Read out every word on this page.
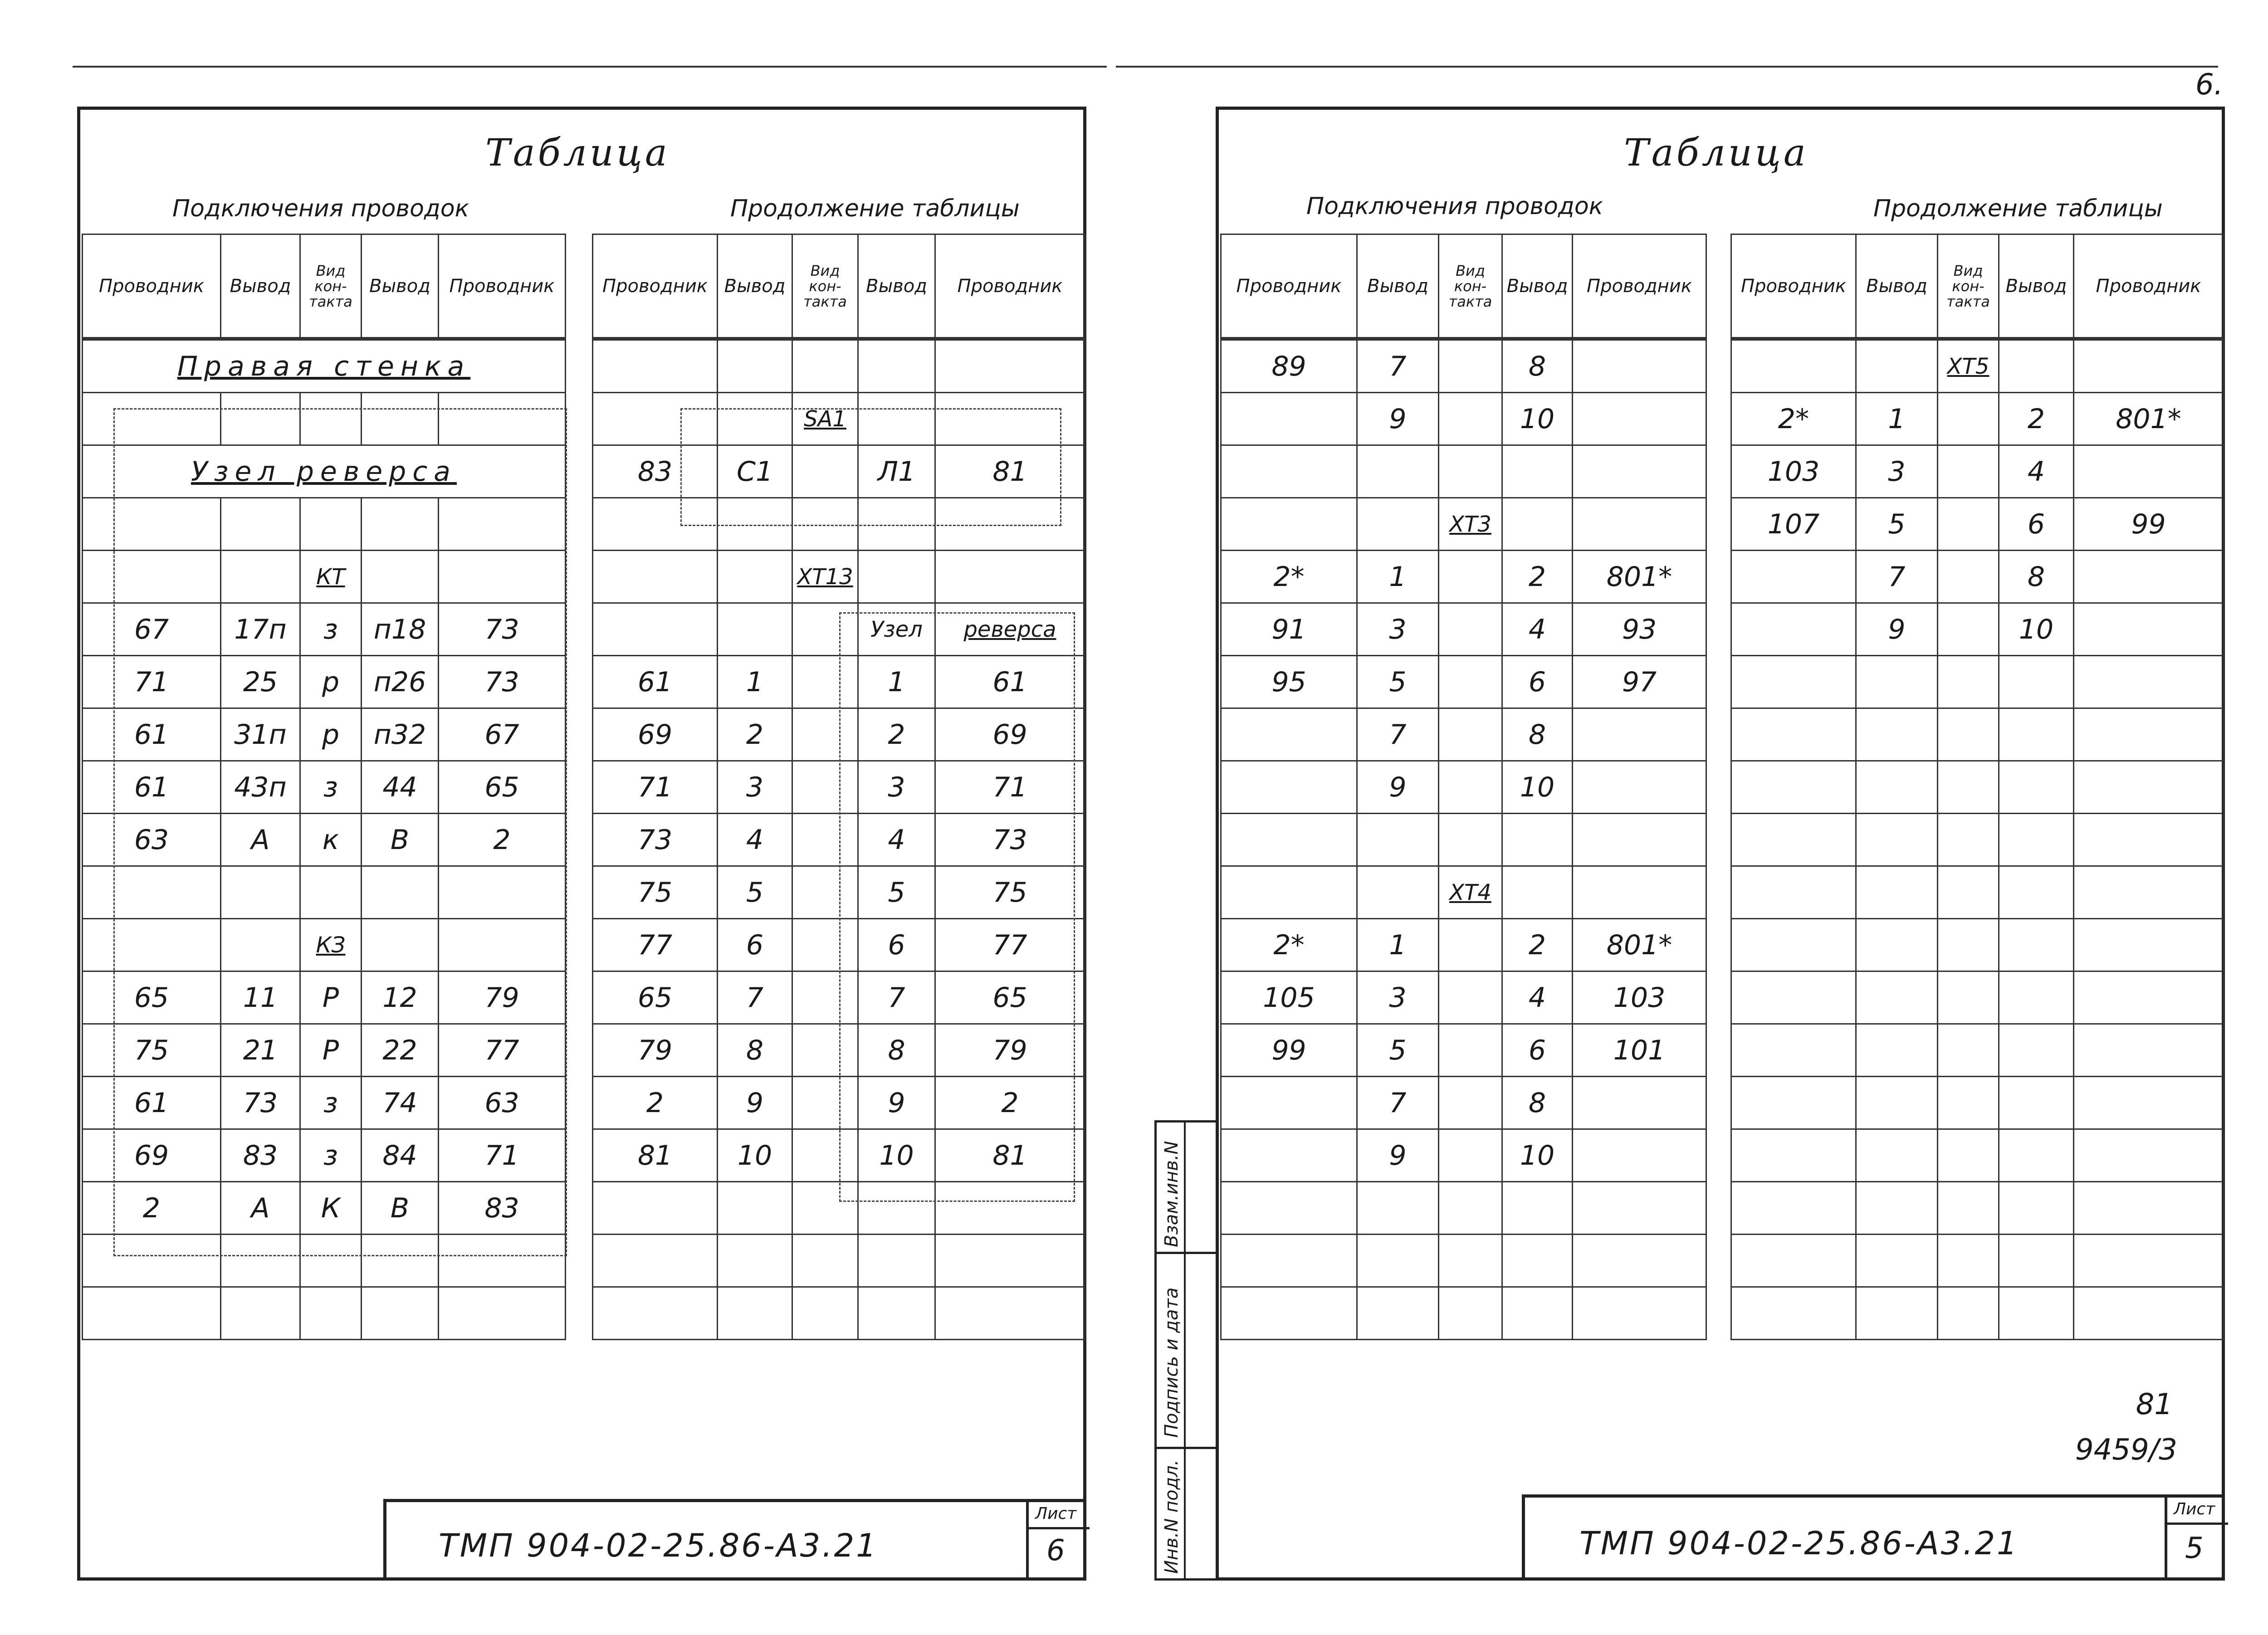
6.
Таблица
Подключения проводок	Продолжение таблицы
Проводник	Вывод	Вид кон- такта	Вывод	Проводник
Правая стенка				

Узел реверса				

		КТ		
67	17п	з	п18	73
71	25	р	п26	73
61	31п	р	п32	67
61	43п	з	44	65
63	А	к	В	2

		КЗ		
65	11	Р	12	79
75	21	Р	22	77
61	73	з	74	63
69	83	з	84	71
2	А	К	В	83

Проводник	Вывод	Вид кон- такта	Вывод	Проводник

		SA1		
83	С1		Л1	81

		ХТ13		
			Узел	реверса
61	1		1	61
69	2		2	69
71	3		3	71
73	4		4	73
75	5		5	75
77	6		6	77
65	7		7	65
79	8		8	79
2	9		9	2
81	10		10	81

ТМП 904-02-25.86-А3.21
Лист
6
Таблица
Подключения проводок	Продолжение таблицы
Проводник	Вывод	Вид кон- такта	Вывод	Проводник
89	7		8	
	9		10	

		ХТ3		
2*	1		2	801*
91	3		4	93
95	5		6	97
	7		8	
	9		10	

		ХТ4		
2*	1		2	801*
105	3		4	103
99	5		6	101
	7		8	
	9		10	

Проводник	Вывод	Вид кон- такта	Вывод	Проводник
		ХТ5		
2*	1		2	801*
103	3		4	
107	5		6	99
	7		8	
	9		10	

Инв.N подл.
Подпись и дата
Взам.инв.N
81
9459/3
ТМП 904-02-25.86-А3.21
Лист
5
